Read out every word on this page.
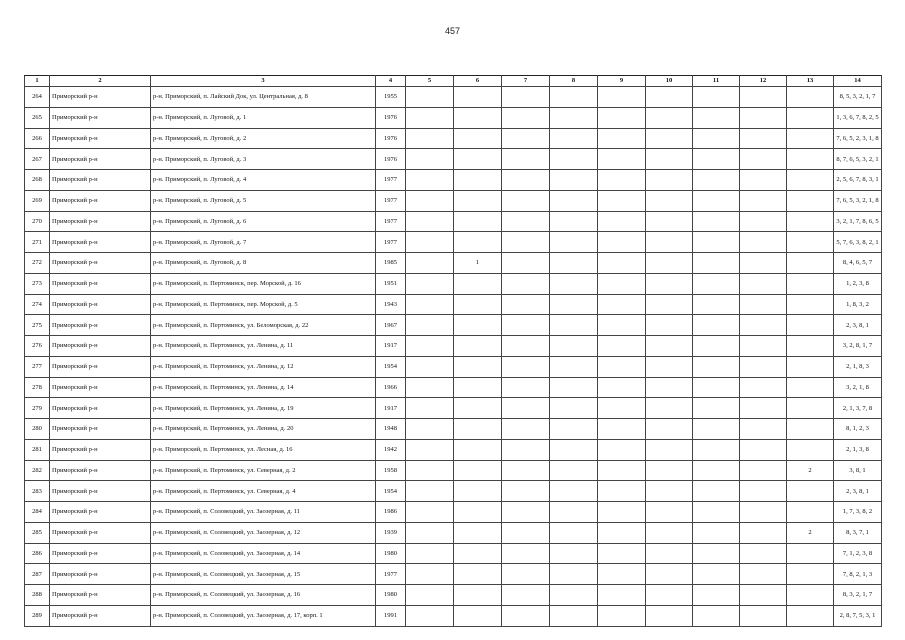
457
1	2	3	4	5	6	7	8	9	10	11	12	13	14
264	Приморский р-н	р-н. Приморский, п. Лайский Док, ул. Центральная, д. 8	1955										8, 5, 3, 2, 1, 7
265	Приморский р-н	р-н. Приморский, п. Луговой, д. 1	1976										1, 3, 6, 7, 8, 2, 5
266	Приморский р-н	р-н. Приморский, п. Луговой, д. 2	1976										7, 6, 5, 2, 3, 1, 8
267	Приморский р-н	р-н. Приморский, п. Луговой, д. 3	1976										8, 7, 6, 5, 3, 2, 1
268	Приморский р-н	р-н. Приморский, п. Луговой, д. 4	1977										2, 5, 6, 7, 8, 3, 1
269	Приморский р-н	р-н. Приморский, п. Луговой, д. 5	1977										7, 6, 5, 3, 2, 1, 8
270	Приморский р-н	р-н. Приморский, п. Луговой, д. 6	1977										3, 2, 1, 7, 8, 6, 5
271	Приморский р-н	р-н. Приморский, п. Луговой, д. 7	1977										5, 7, 6, 3, 8, 2, 1
272	Приморский р-н	р-н. Приморский, п. Луговой, д. 8	1985		1								8, 4, 6, 5, 7
273	Приморский р-н	р-н. Приморский, п. Пертоминск, пер. Морской, д. 16	1951										1, 2, 3, 8
274	Приморский р-н	р-н. Приморский, п. Пертоминск, пер. Морской, д. 5	1943										1, 8, 3, 2
275	Приморский р-н	р-н. Приморский, п. Пертоминск, ул. Беломорская, д. 22	1967										2, 3, 8, 1
276	Приморский р-н	р-н. Приморский, п. Пертоминск, ул. Ленина, д. 11	1917										3, 2, 8, 1, 7
277	Приморский р-н	р-н. Приморский, п. Пертоминск, ул. Ленина, д. 12	1954										2, 1, 8, 3
278	Приморский р-н	р-н. Приморский, п. Пертоминск, ул. Ленина, д. 14	1966										3, 2, 1, 8
279	Приморский р-н	р-н. Приморский, п. Пертоминск, ул. Ленина, д. 19	1917										2, 1, 3, 7, 8
280	Приморский р-н	р-н. Приморский, п. Пертоминск, ул. Ленина, д. 20	1948										8, 1, 2, 3
281	Приморский р-н	р-н. Приморский, п. Пертоминск, ул. Лесная, д. 16	1942										2, 1, 3, 8
282	Приморский р-н	р-н. Приморский, п. Пертоминск, ул. Северная, д. 2	1958									2	3, 8, 1
283	Приморский р-н	р-н. Приморский, п. Пертоминск, ул. Северная, д. 4	1954										2, 3, 8, 1
284	Приморский р-н	р-н. Приморский, п. Соловецкий, ул. Заозерная, д. 11	1986										1, 7, 3, 8, 2
285	Приморский р-н	р-н. Приморский, п. Соловецкий, ул. Заозерная, д. 12	1939									2	8, 3, 7, 1
286	Приморский р-н	р-н. Приморский, п. Соловецкий, ул. Заозерная, д. 14	1980										7, 1, 2, 3, 8
287	Приморский р-н	р-н. Приморский, п. Соловецкий, ул. Заозерная, д. 15	1977										7, 8, 2, 1, 3
288	Приморский р-н	р-н. Приморский, п. Соловецкий, ул. Заозерная, д. 16	1980										8, 3, 2, 1, 7
289	Приморский р-н	р-н. Приморский, п. Соловецкий, ул. Заозерная, д. 17, корп. 1	1991										2, 8, 7, 5, 3, 1
